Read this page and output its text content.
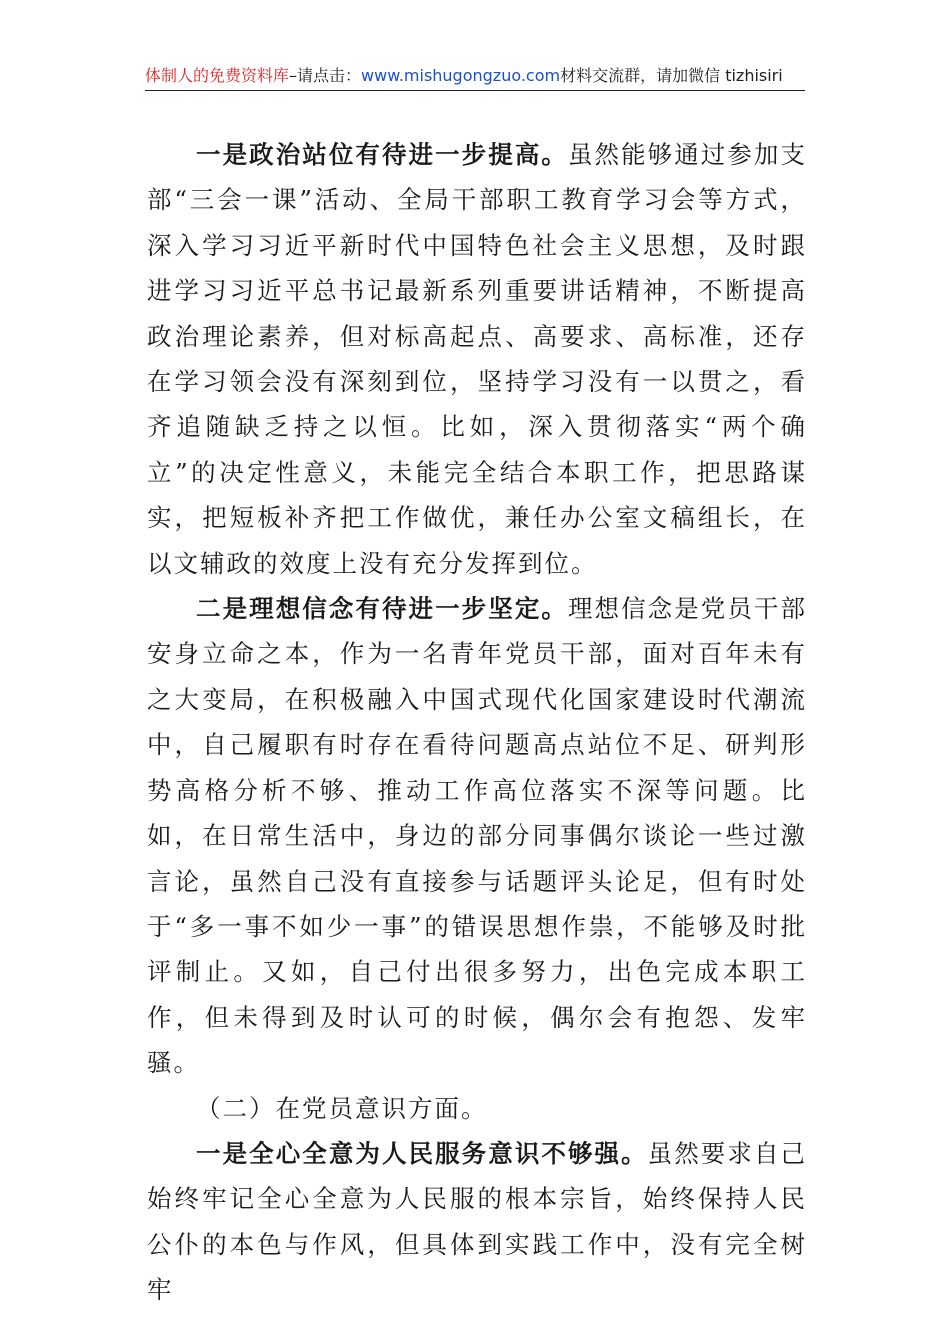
体制人的免费资料库–请点击：www.mishugongzuo.com材料交流群，请加微信 tizhisiri

一是政治站位有待进一步提高。虽然能够通过参加支部“三会一课”活动、全局干部职工教育学习会等方式，深入学习习近平新时代中国特色社会主义思想，及时跟进学习习近平总书记最新系列重要讲话精神，不断提高政治理论素养，但对标高起点、高要求、高标准，还存在学习领会没有深刻到位，坚持学习没有一以贯之，看齐追随缺乏持之以恒。比如，深入贯彻落实“两个确立”的决定性意义，未能完全结合本职工作，把思路谋实，把短板补齐把工作做优，兼任办公室文稿组长，在以文辅政的效度上没有充分发挥到位。

二是理想信念有待进一步坚定。理想信念是党员干部安身立命之本，作为一名青年党员干部，面对百年未有之大变局，在积极融入中国式现代化国家建设时代潮流中，自己履职有时存在看待问题高点站位不足、研判形势高格分析不够、推动工作高位落实不深等问题。比如，在日常生活中，身边的部分同事偶尔谈论一些过激言论，虽然自己没有直接参与话题评头论足，但有时处于“多一事不如少一事”的错误思想作祟，不能够及时批评制止。又如，自己付出很多努力，出色完成本职工作，但未得到及时认可的时候，偶尔会有抱怨、发牢骚。

（二）在党员意识方面。

一是全心全意为人民服务意识不够强。虽然要求自己始终牢记全心全意为人民服的根本宗旨，始终保持人民公仆的本色与作风，但具体到实践工作中，没有完全树牢
